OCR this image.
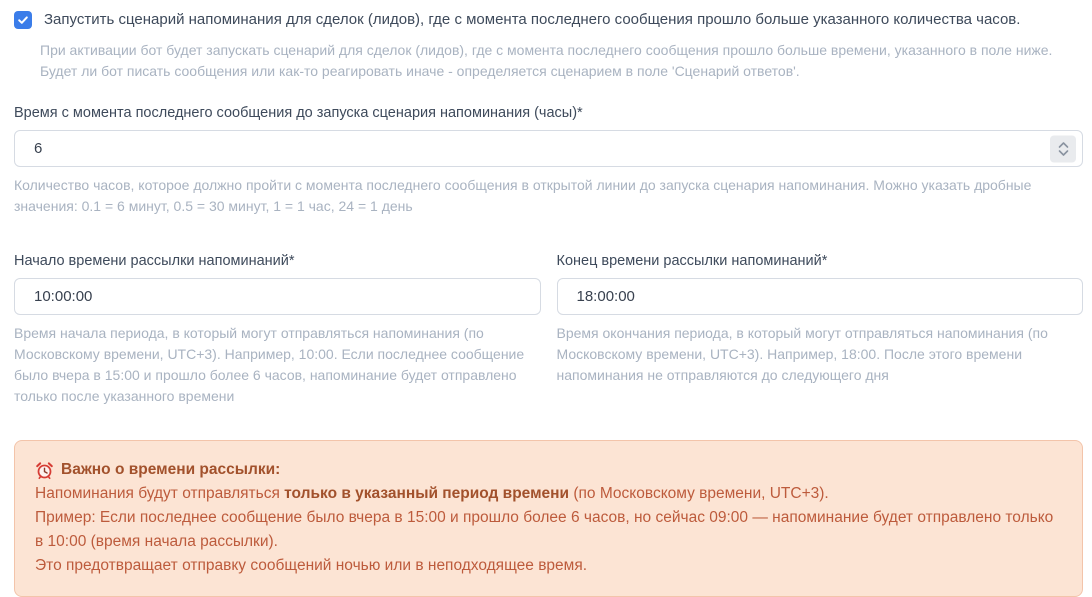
Запустить сценарий напоминания для сделок (лидов), где с момента последнего сообщения прошло больше указанного количества часов.
При активации бот будет запускать сценарий для сделок (лидов), где с момента последнего сообщения прошло больше времени, указанного в поле ниже. Будет ли бот писать сообщения или как-то реагировать иначе - определяется сценарием в поле 'Сценарий ответов'.
Время с момента последнего сообщения до запуска сценария напоминания (часы)*
6
Количество часов, которое должно пройти с момента последнего сообщения в открытой линии до запуска сценария напоминания. Можно указать дробные значения: 0.1 = 6 минут, 0.5 = 30 минут, 1 = 1 час, 24 = 1 день
Начало времени рассылки напоминаний*
10:00:00
Время начала периода, в который могут отправляться напоминания (по Московскому времени, UTC+3). Например, 10:00. Если последнее сообщение было вчера в 15:00 и прошло более 6 часов, напоминание будет отправлено только после указанного времени
Конец времени рассылки напоминаний*
18:00:00
Время окончания периода, в который могут отправляться напоминания (по Московскому времени, UTC+3). Например, 18:00. После этого времени напоминания не отправляются до следующего дня
Важно о времени рассылки:

Напоминания будут отправляться только в указанный период времени (по Московскому времени, UTC+3).

Пример: Если последнее сообщение было вчера в 15:00 и прошло более 6 часов, но сейчас 09:00 — напоминание будет отправлено только в 10:00 (время начала рассылки).

Это предотвращает отправку сообщений ночью или в неподходящее время.
